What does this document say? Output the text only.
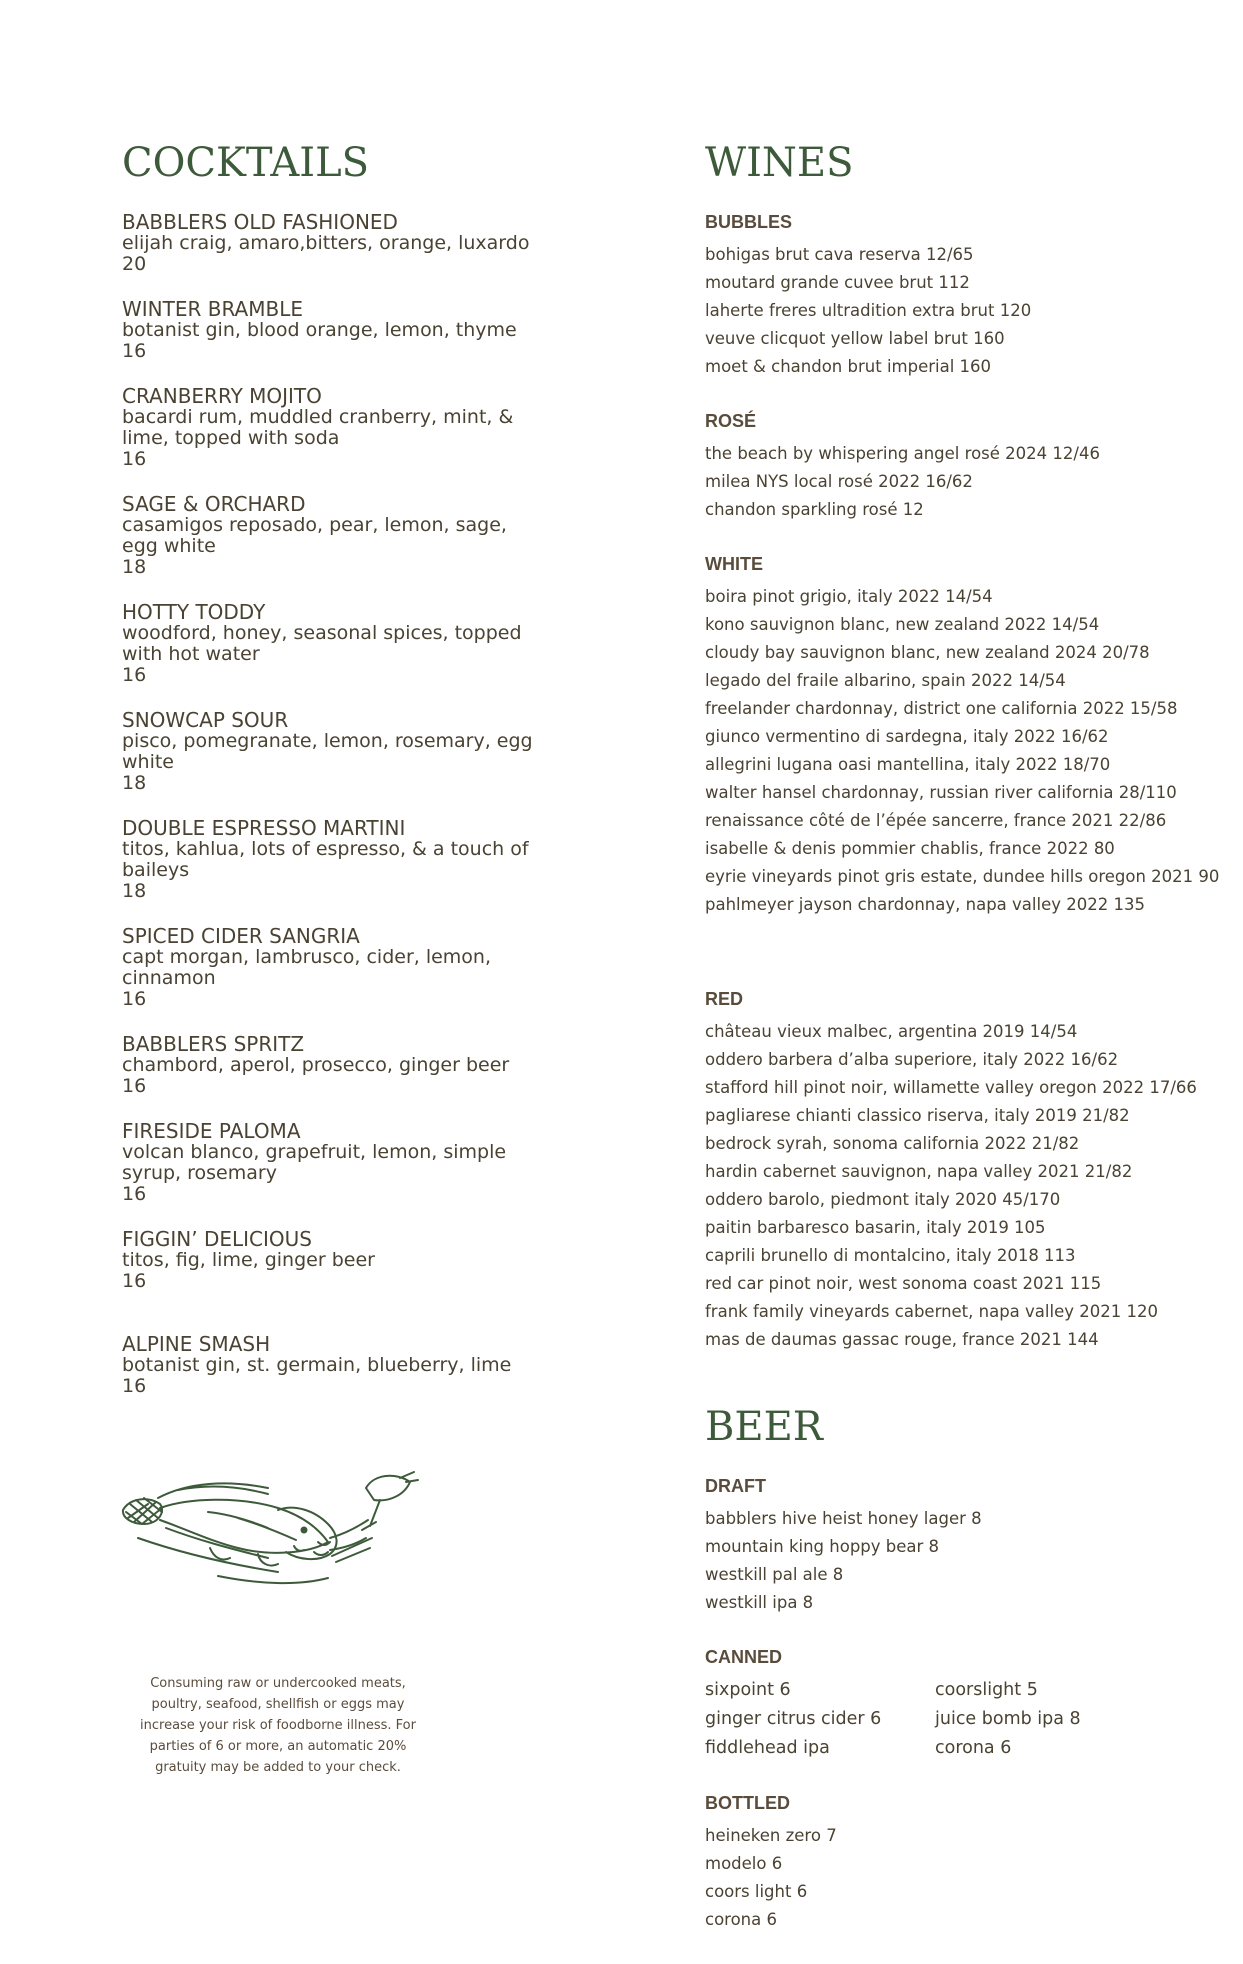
COCKTAILS
BABBLERS OLD FASHIONED
elijah craig, amaro,bitters, orange, luxardo
20
WINTER BRAMBLE
botanist gin, blood orange, lemon, thyme
16
CRANBERRY MOJITO
bacardi rum, muddled cranberry, mint, & lime, topped with soda
16
SAGE & ORCHARD
casamigos reposado, pear, lemon, sage, egg white
18
HOTTY TODDY
woodford, honey, seasonal spices, topped with hot water
16
SNOWCAP SOUR
pisco, pomegranate, lemon, rosemary, egg white
18
DOUBLE ESPRESSO MARTINI
titos, kahlua, lots of espresso, & a touch of baileys
18
SPICED CIDER SANGRIA
capt morgan, lambrusco, cider, lemon, cinnamon
16
BABBLERS SPRITZ
chambord, aperol, prosecco, ginger beer
16
FIRESIDE PALOMA
volcan blanco, grapefruit, lemon, simple syrup, rosemary
16
FIGGIN’ DELICIOUS
titos, fig, lime, ginger beer
16
ALPINE SMASH
botanist gin, st. germain, blueberry, lime
16

Consuming raw or undercooked meats, poultry, seafood, shellfish or eggs may increase your risk of foodborne illness. For parties of 6 or more, an automatic 20% gratuity may be added to your check.

WINES
BUBBLES
bohigas brut cava reserva 12/65
moutard grande cuvee brut 112
laherte freres ultradition extra brut 120
veuve clicquot yellow label brut 160
moet & chandon brut imperial 160
ROSÉ
the beach by whispering angel rosé 2024 12/46
milea NYS local rosé 2022 16/62
chandon sparkling rosé 12
WHITE
boira pinot grigio, italy 2022 14/54
kono sauvignon blanc, new zealand 2022 14/54
cloudy bay sauvignon blanc, new zealand 2024 20/78
legado del fraile albarino, spain 2022 14/54
freelander chardonnay, district one california 2022 15/58
giunco vermentino di sardegna, italy 2022 16/62
allegrini lugana oasi mantellina, italy 2022 18/70
walter hansel chardonnay, russian river california 28/110
renaissance côté de l’épée sancerre, france 2021 22/86
isabelle & denis pommier chablis, france 2022 80
eyrie vineyards pinot gris estate, dundee hills oregon 2021 90
pahlmeyer jayson chardonnay, napa valley 2022 135
RED
château vieux malbec, argentina 2019 14/54
oddero barbera d’alba superiore, italy 2022 16/62
stafford hill pinot noir, willamette valley oregon 2022 17/66
pagliarese chianti classico riserva, italy 2019 21/82
bedrock syrah, sonoma california 2022 21/82
hardin cabernet sauvignon, napa valley 2021 21/82
oddero barolo, piedmont italy 2020 45/170
paitin barbaresco basarin, italy 2019 105
caprili brunello di montalcino, italy 2018 113
red car pinot noir, west sonoma coast 2021 115
frank family vineyards cabernet, napa valley 2021 120
mas de daumas gassac rouge, france 2021 144
BEER
DRAFT
babblers hive heist honey lager 8
mountain king hoppy bear 8
westkill pal ale 8
westkill ipa 8
CANNED
sixpoint 6	coorslight 5
ginger citrus cider 6	juice bomb ipa 8
fiddlehead ipa	corona 6
BOTTLED
heineken zero 7
modelo 6
coors light 6
corona 6
